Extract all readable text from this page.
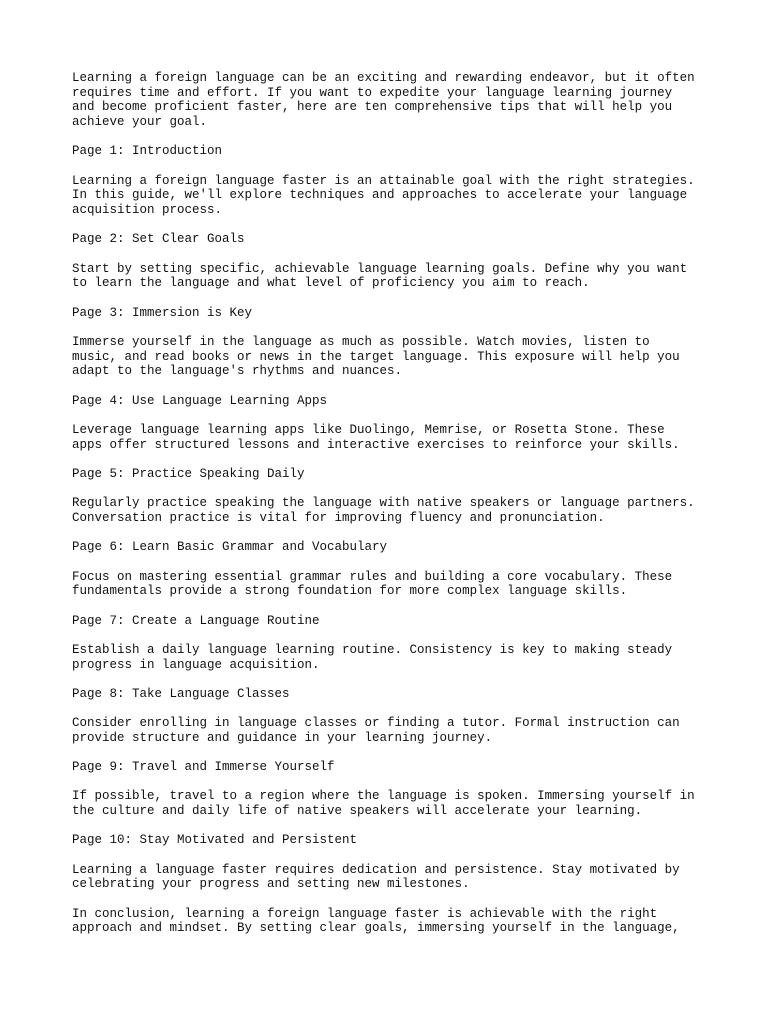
Learning a foreign language can be an exciting and rewarding endeavor, but it often
requires time and effort. If you want to expedite your language learning journey
and become proficient faster, here are ten comprehensive tips that will help you
achieve your goal.

Page 1: Introduction

Learning a foreign language faster is an attainable goal with the right strategies.
In this guide, we'll explore techniques and approaches to accelerate your language
acquisition process.

Page 2: Set Clear Goals

Start by setting specific, achievable language learning goals. Define why you want
to learn the language and what level of proficiency you aim to reach.

Page 3: Immersion is Key

Immerse yourself in the language as much as possible. Watch movies, listen to
music, and read books or news in the target language. This exposure will help you
adapt to the language's rhythms and nuances.

Page 4: Use Language Learning Apps

Leverage language learning apps like Duolingo, Memrise, or Rosetta Stone. These
apps offer structured lessons and interactive exercises to reinforce your skills.

Page 5: Practice Speaking Daily

Regularly practice speaking the language with native speakers or language partners.
Conversation practice is vital for improving fluency and pronunciation.

Page 6: Learn Basic Grammar and Vocabulary

Focus on mastering essential grammar rules and building a core vocabulary. These
fundamentals provide a strong foundation for more complex language skills.

Page 7: Create a Language Routine

Establish a daily language learning routine. Consistency is key to making steady
progress in language acquisition.

Page 8: Take Language Classes

Consider enrolling in language classes or finding a tutor. Formal instruction can
provide structure and guidance in your learning journey.

Page 9: Travel and Immerse Yourself

If possible, travel to a region where the language is spoken. Immersing yourself in
the culture and daily life of native speakers will accelerate your learning.

Page 10: Stay Motivated and Persistent

Learning a language faster requires dedication and persistence. Stay motivated by
celebrating your progress and setting new milestones.

In conclusion, learning a foreign language faster is achievable with the right
approach and mindset. By setting clear goals, immersing yourself in the language,
